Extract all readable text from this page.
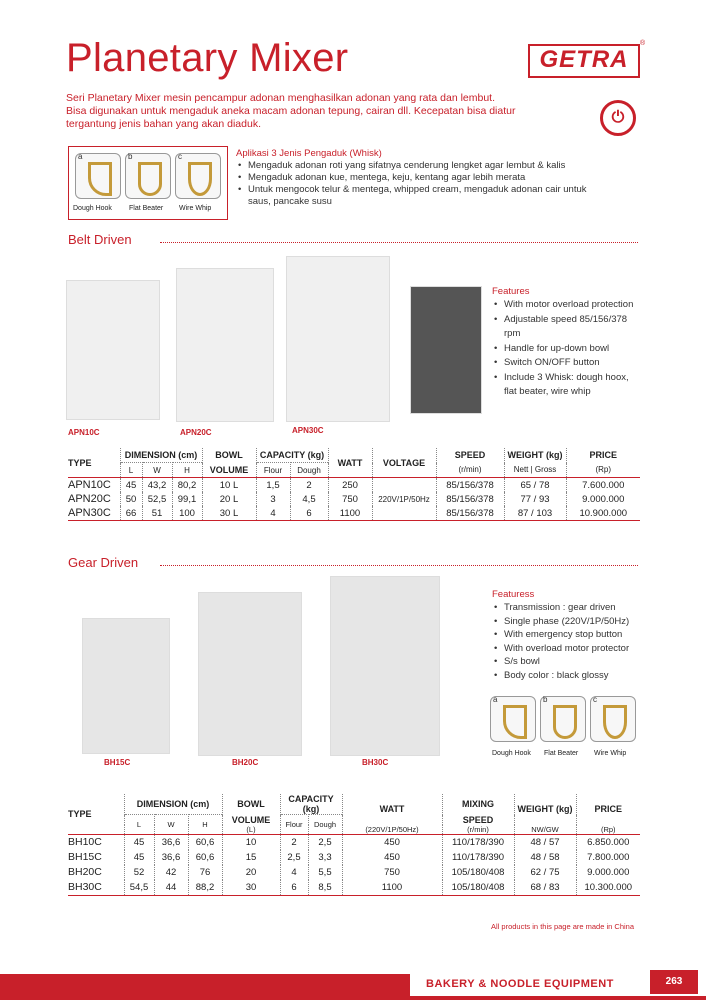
Planetary Mixer	GETRA
®
Seri Planetary Mixer mesin pencampur adonan menghasilkan adonan yang rata dan lembut. Bisa digunakan untuk mengaduk aneka macam adonan tepung, cairan dll. Kecepatan bisa diatur tergantung jenis bahan yang akan diaduk.	⏻
a	b	c
Dough Hook Flat Beater Wire Whip
Aplikasi 3 Jenis Pengaduk (Whisk)
• Mengaduk adonan roti yang sifatnya cenderung lengket agar lembut & kalis
• Mengaduk adonan kue, mentega, keju, kentang agar lebih merata
• Untuk mengocok telur & mentega, whipped cream, mengaduk adonan cair untuk saus, pancake susu
Belt Driven
APN10C	APN20C	APN30C
Features
• With motor overload protection
• Adjustable speed 85/156/378 rpm
• Handle for up-down bowl
• Switch ON/OFF button
• Include 3 Whisk: dough hoox, flat beater, wire whip
TYPE	DIMENSION (cm)			BOWL	CAPACITY (kg)		WATT	VOLTAGE	SPEED	WEIGHT (kg)	PRICE
	L	W	H	VOLUME	Flour	Dough			(r/min)	Nett | Gross	(Rp)
APN10C	45	43,2	80,2	10 L	1,5	2	250	220V/1P/50Hz	85/156/378	65 / 78	7.600.000
APN20C	50	52,5	99,1	20 L	3	4,5	750		85/156/378	77 / 93	9.000.000
APN30C	66	51	100	30 L	4	6	1100		85/156/378	87 / 103	10.900.000
Gear Driven
BH15C	BH20C	BH30C
Featuress
• Transmission : gear driven
• Single phase (220V/1P/50Hz)
• With emergency stop button
• With overload motor protector
• S/s bowl
• Body color : black glossy
a	b	c
Dough Hook Flat Beater Wire Whip
TYPE	DIMENSION (cm)			BOWL	CAPACITY (kg)		WATT	MIXING	WEIGHT (kg)	PRICE
	L	W	H	VOLUME	Flour	Dough		SPEED		
				(L)			(220V/1P/50Hz)	(r/min)	NW/GW	(Rp)
BH10C	45	36,6	60,6	10	2	2,5	450	110/178/390	48 / 57	6.850.000
BH15C	45	36,6	60,6	15	2,5	3,3	450	110/178/390	48 / 58	7.800.000
BH20C	52	42	76	20	4	5,5	750	105/180/408	62 / 75	9.000.000
BH30C	54,5	44	88,2	30	6	8,5	1100	105/180/408	68 / 83	10.300.000
All products in this page are made in China
BAKERY & NOODLE EQUIPMENT	263
